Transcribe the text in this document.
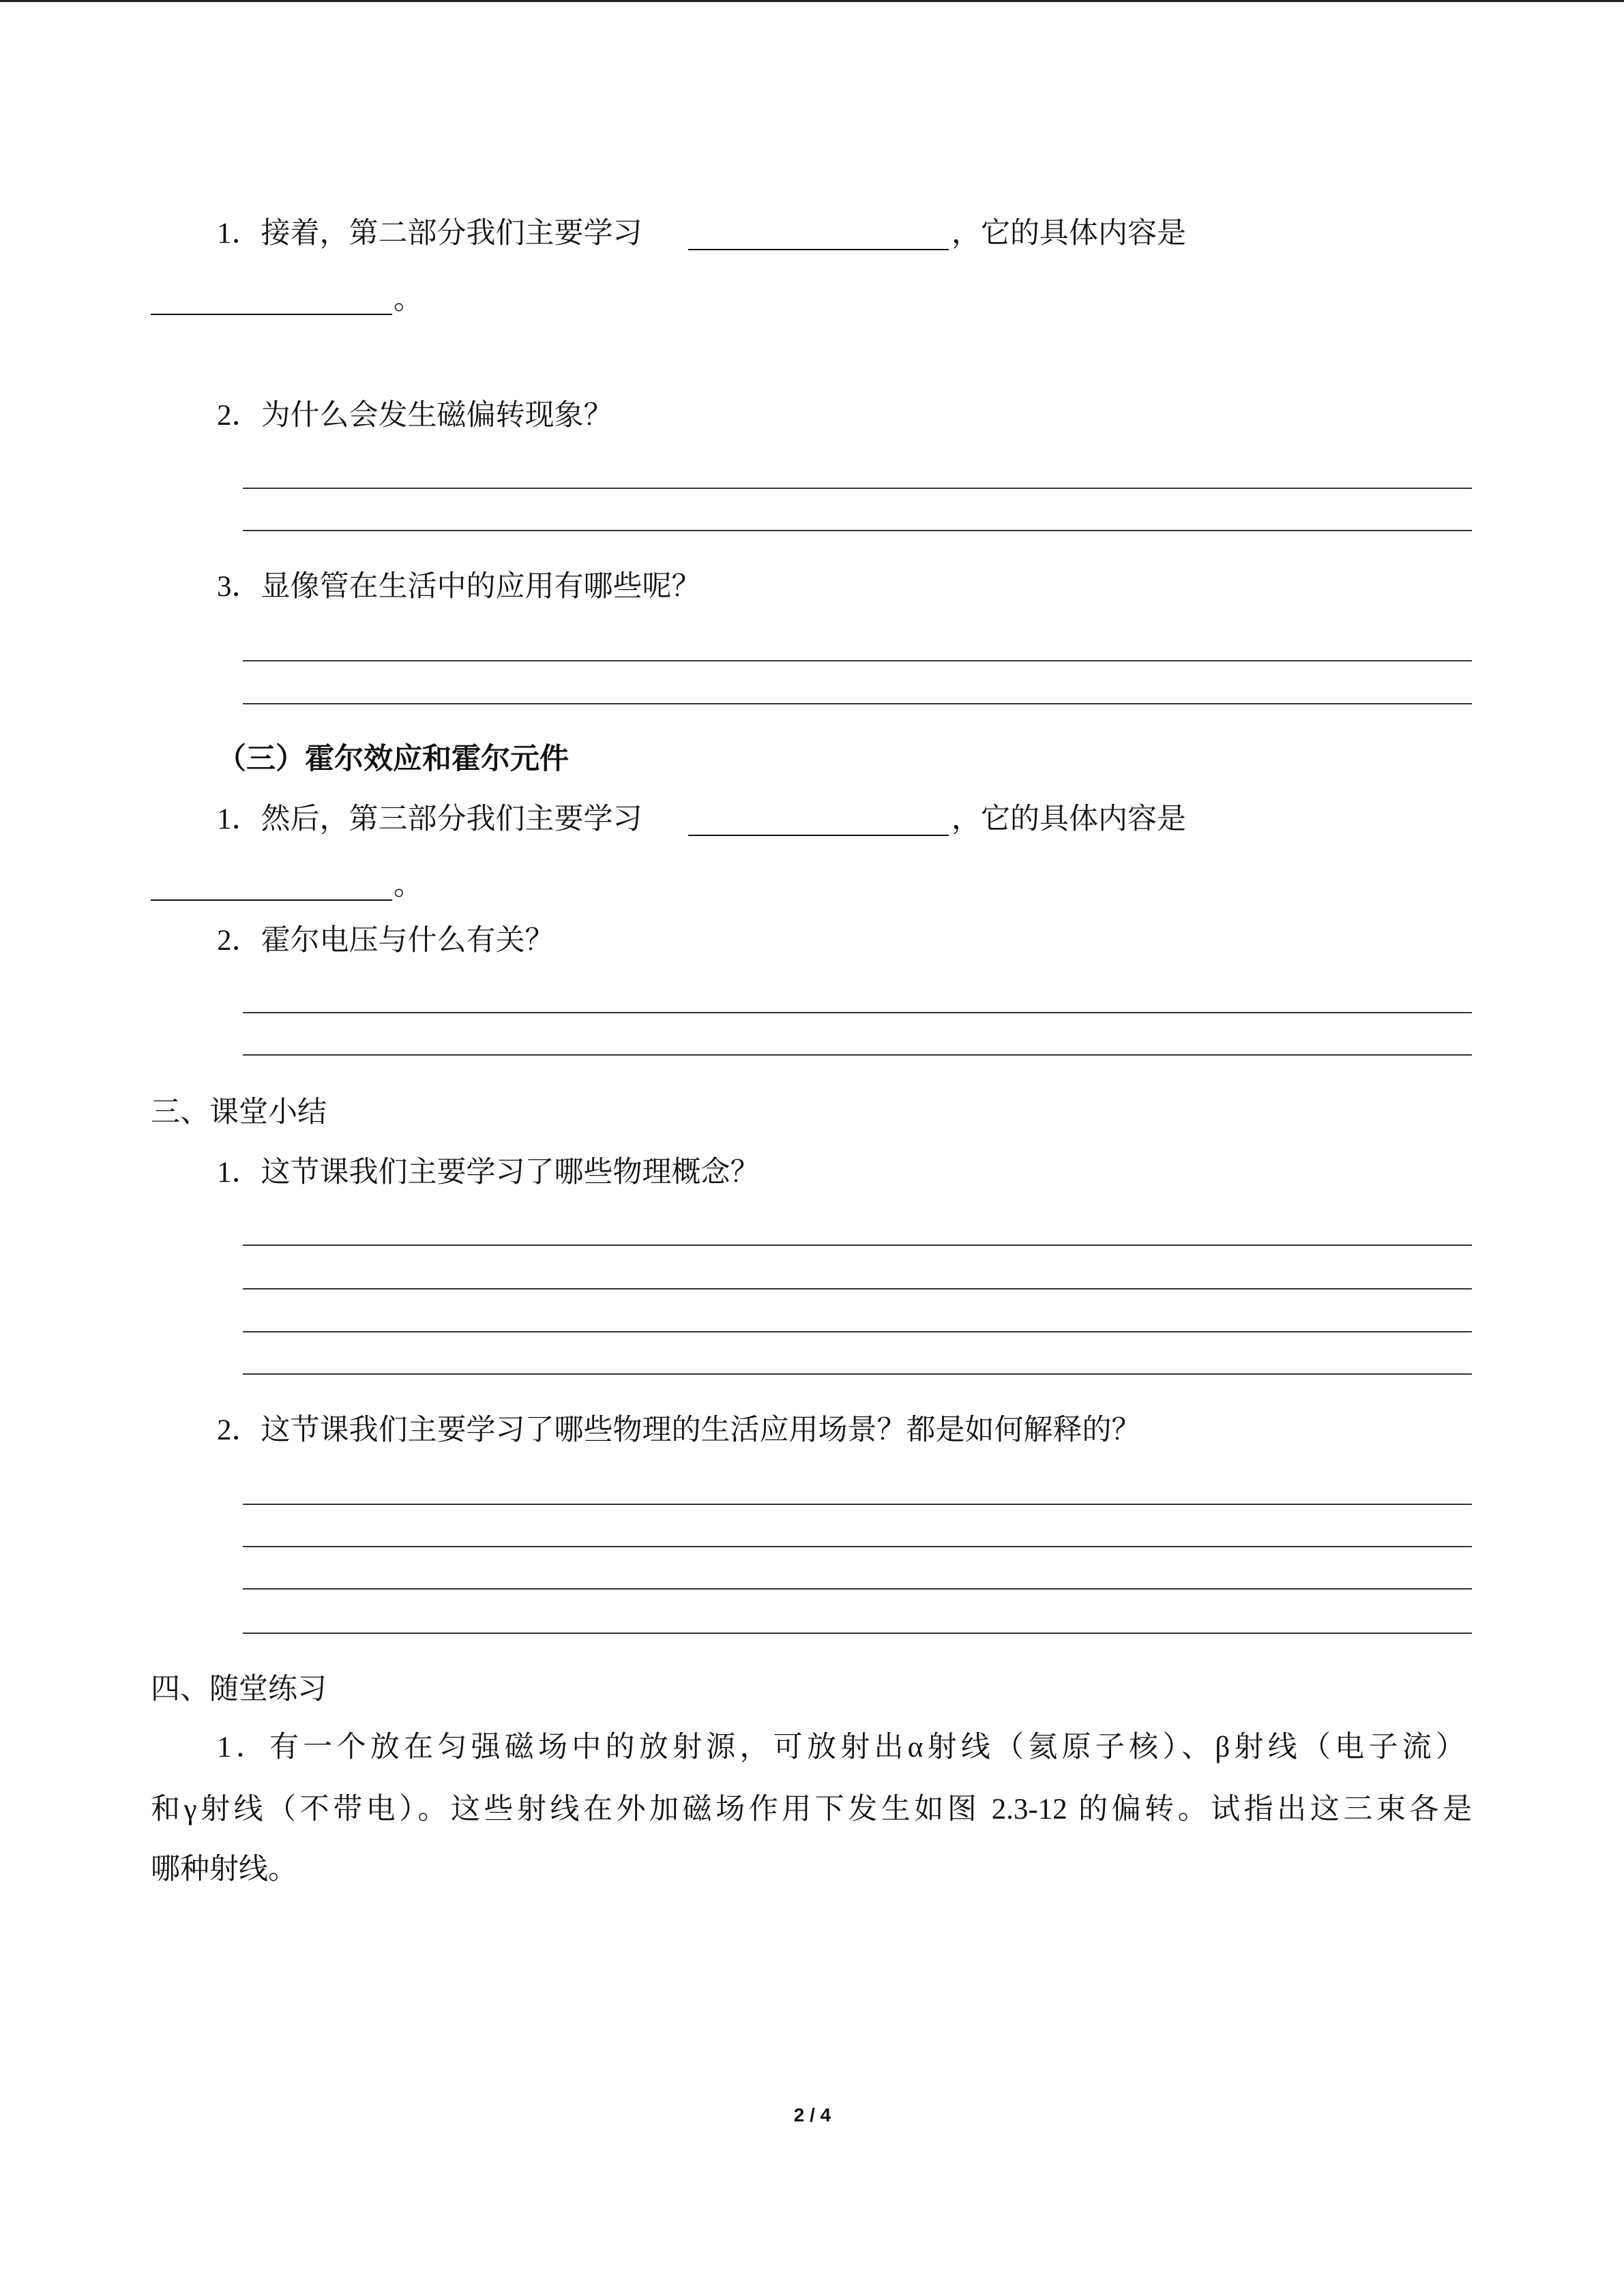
1．接着，第二部分我们主要学习	，它的具体内容是
。
2．为什么会发生磁偏转现象？
3．显像管在生活中的应用有哪些呢？
（三）霍尔效应和霍尔元件
1．然后，第三部分我们主要学习	，它的具体内容是
。
2．霍尔电压与什么有关？
三、课堂小结
1．这节课我们主要学习了哪些物理概念？
2．这节课我们主要学习了哪些物理的生活应用场景？都是如何解释的？
四、随堂练习
1．有一个放在匀强磁场中的放射源，可放射出α射线（氦原子核）、β射线（电子流）
和γ射线（不带电）。这些射线在外加磁场作用下发生如图 2.3-12 的偏转。试指出这三束各是
哪种射线。
2 / 4
